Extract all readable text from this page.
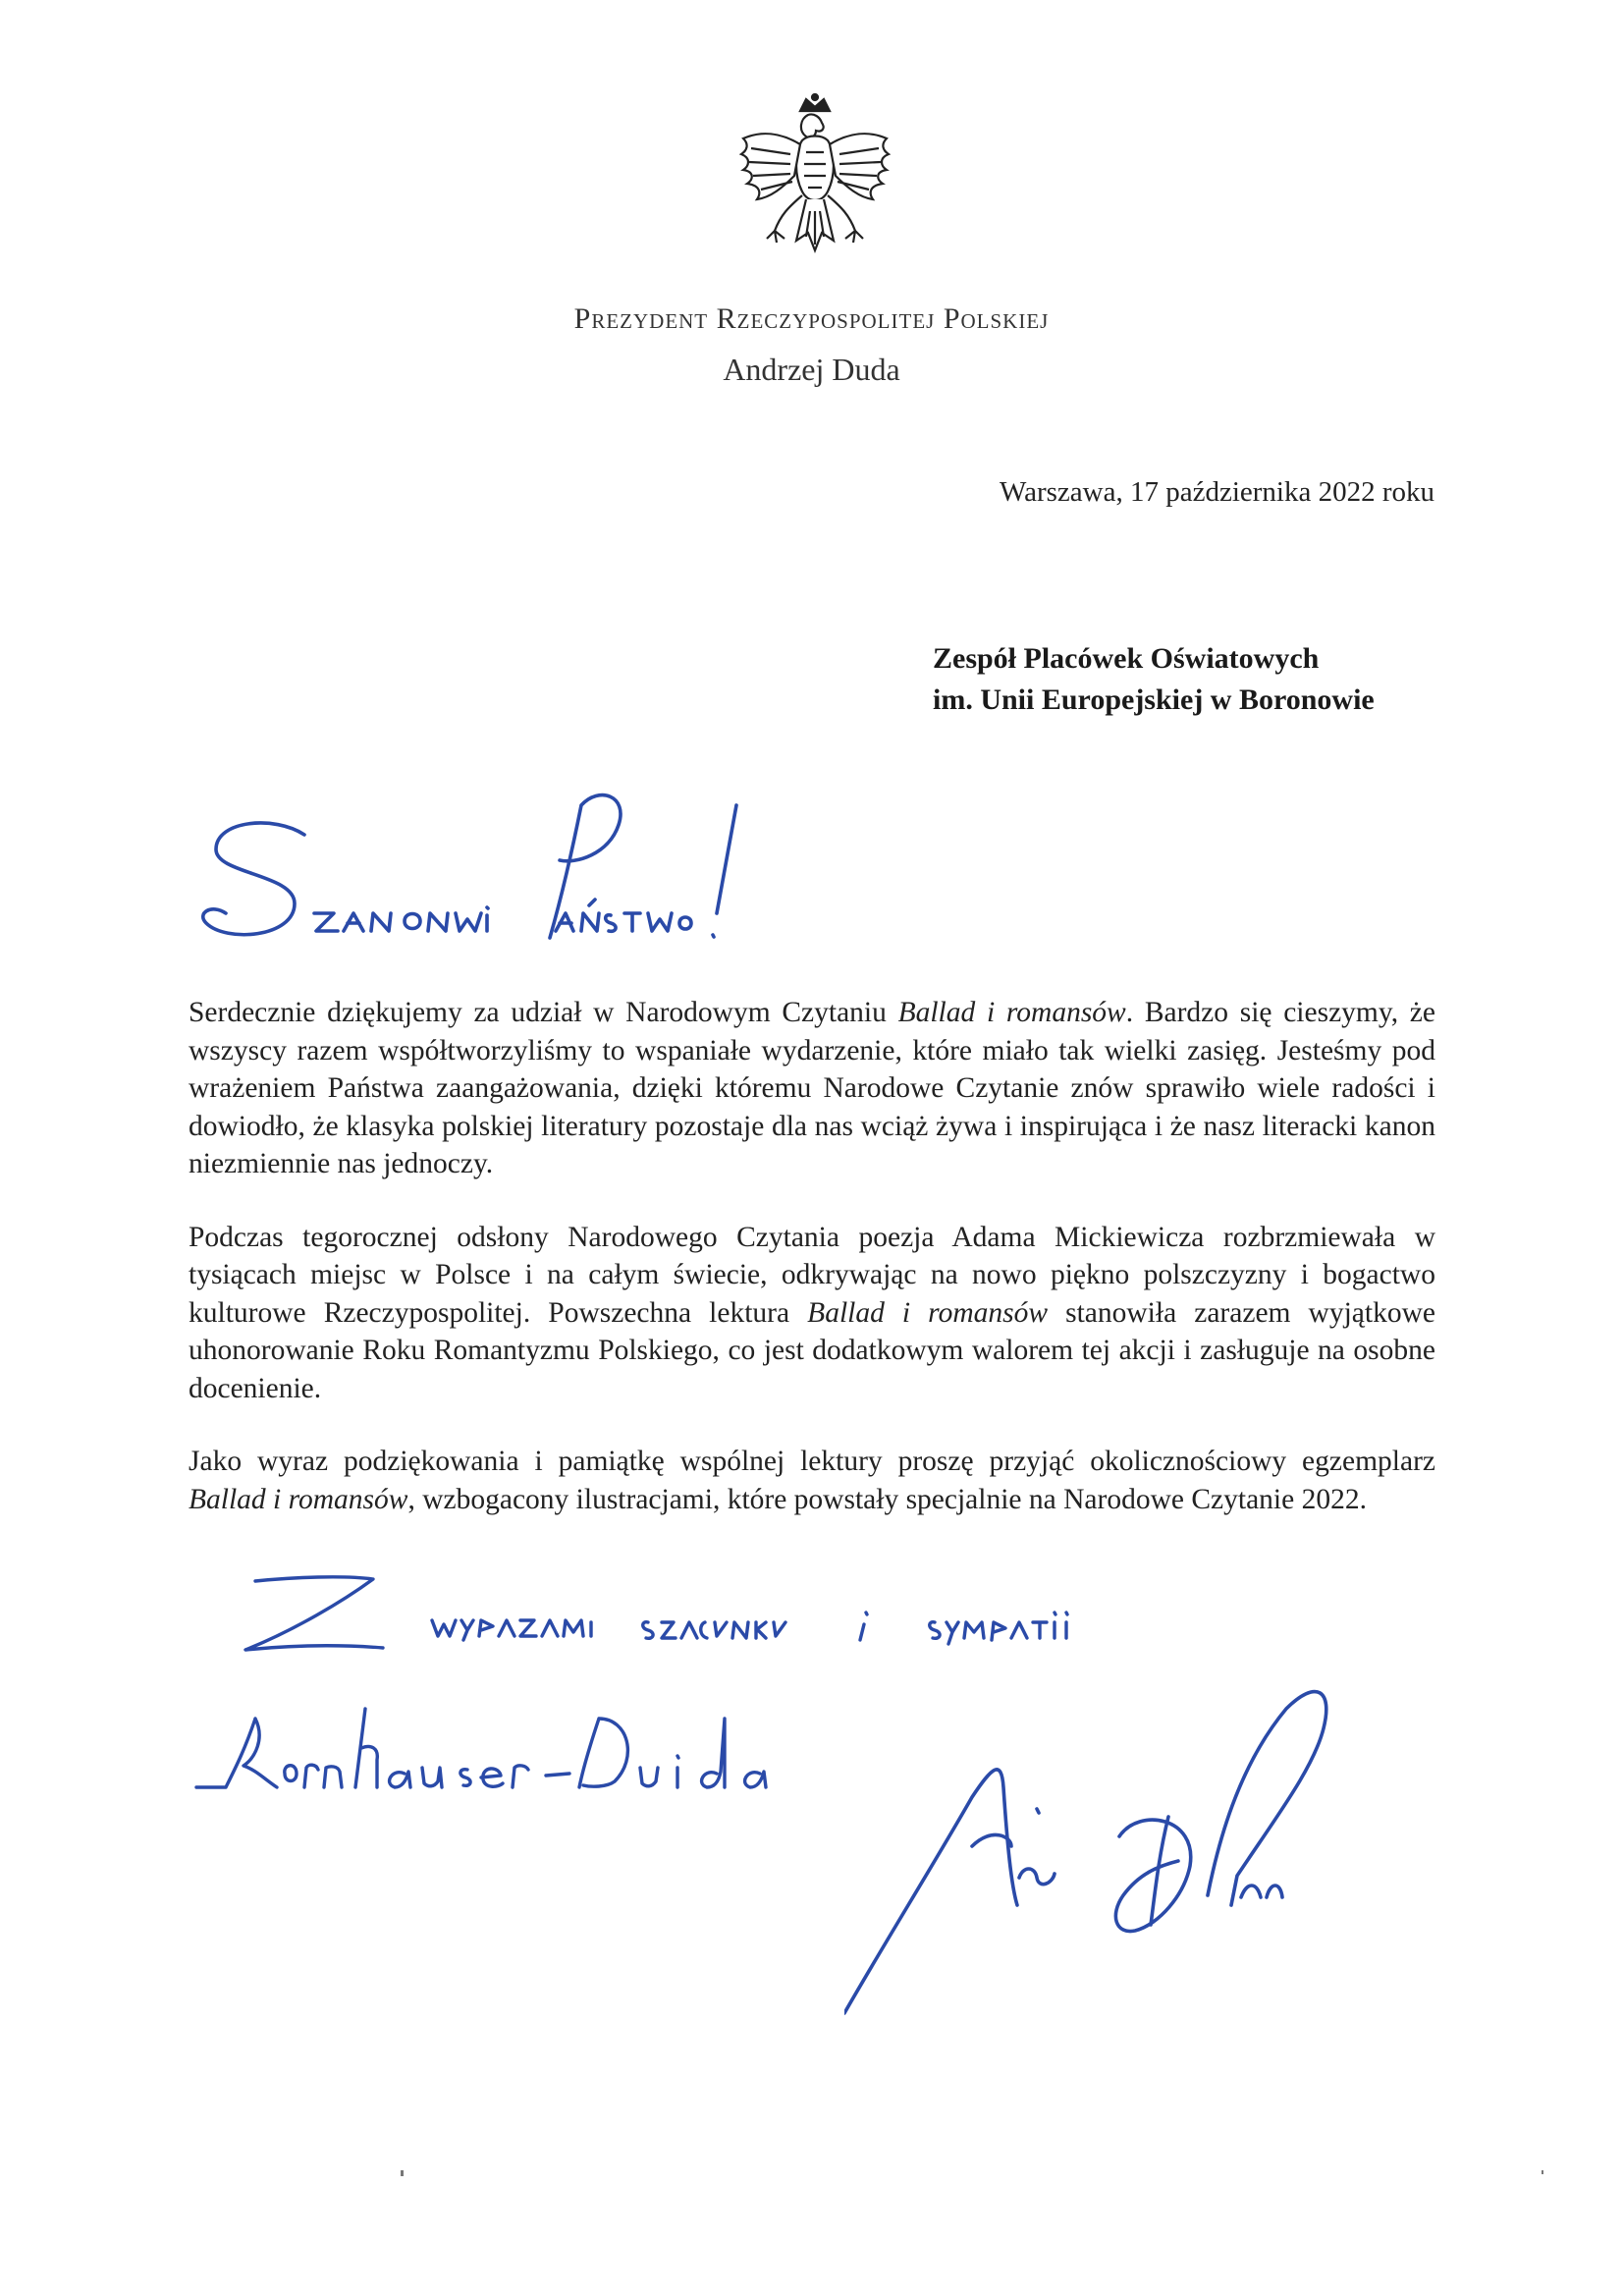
Prezydent Rzeczypospolitej Polskiej
Andrzej Duda
Warszawa, 17 października 2022 roku
Zespół Placówek Oświatowych
im. Unii Europejskiej w Boronowie

Serdecznie dziękujemy za udział w Narodowym Czytaniu Ballad i romansów. Bardzo się cieszymy, że wszyscy razem współtworzyliśmy to wspaniałe wydarzenie, które miało tak wielki zasięg. Jesteśmy pod wrażeniem Państwa zaangażowania, dzięki któremu Narodowe Czytanie znów sprawiło wiele radości i dowiodło, że klasyka polskiej literatury pozostaje dla nas wciąż żywa i inspirująca i że nasz literacki kanon niezmiennie nas jednoczy.

Podczas tegorocznej odsłony Narodowego Czytania poezja Adama Mickiewicza rozbrzmiewała w tysiącach miejsc w Polsce i na całym świecie, odkrywając na nowo piękno polszczyzny i bogactwo kulturowe Rzeczypospolitej. Powszechna lektura Ballad i romansów stanowiła zarazem wyjątkowe uhonorowanie Roku Romantyzmu Polskiego, co jest dodatkowym walorem tej akcji i zasługuje na osobne docenienie.

Jako wyraz podziękowania i pamiątkę wspólnej lektury proszę przyjąć okolicznościowy egzemplarz Ballad i romansów, wzbogacony ilustracjami, które powstały specjalnie na Narodowe Czytanie 2022.
